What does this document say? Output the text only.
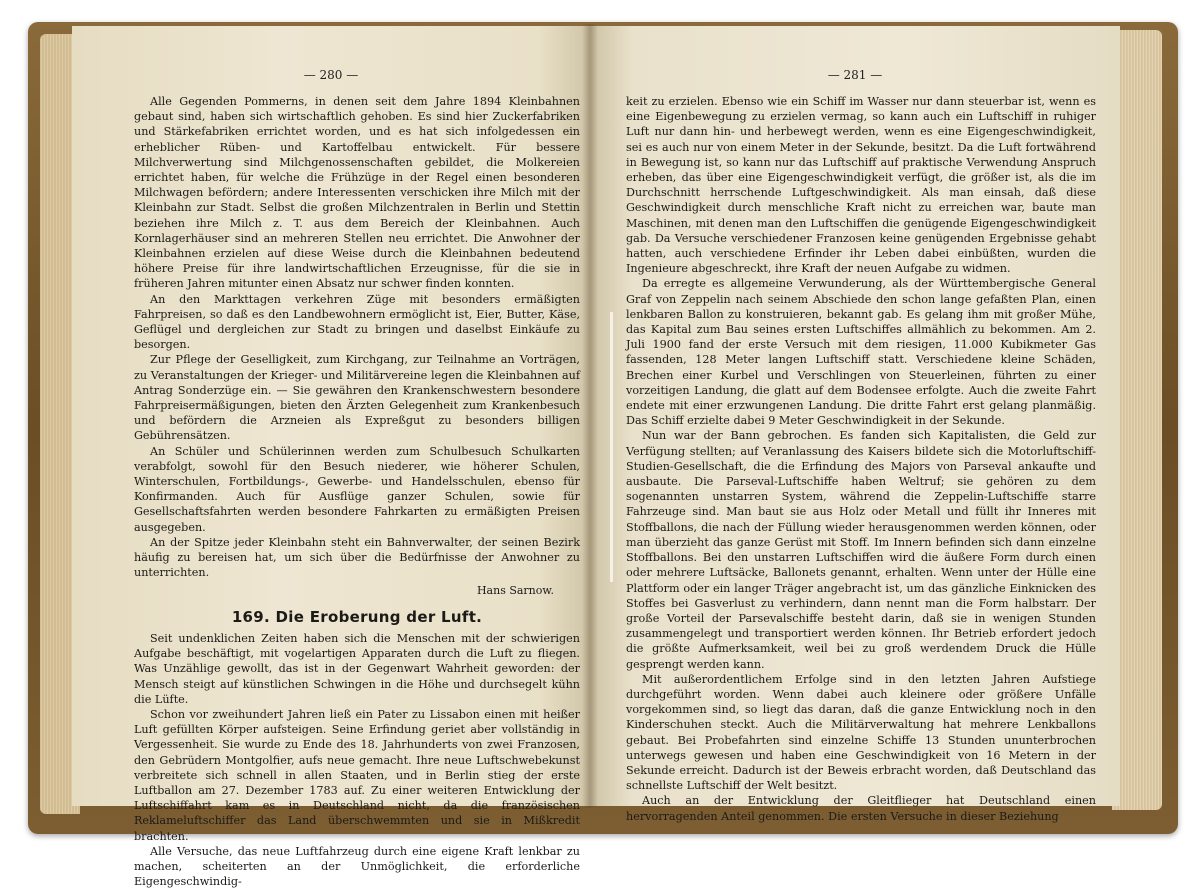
— 280 —

Alle Gegenden Pommerns, in denen seit dem Jahre 1894 Kleinbahnen gebaut sind, haben sich wirtschaftlich gehoben. Es sind hier Zuckerfabriken und Stärkefabriken errichtet worden, und es hat sich infolgedessen ein erheblicher Rüben- und Kartoffelbau entwickelt. Für bessere Milchverwertung sind Milchgenossenschaften gebildet, die Molkereien errichtet haben, für welche die Frühzüge in der Regel einen besonderen Milchwagen befördern; andere Interessenten verschicken ihre Milch mit der Kleinbahn zur Stadt. Selbst die großen Milchzentralen in Berlin und Stettin beziehen ihre Milch z. T. aus dem Bereich der Kleinbahnen. Auch Kornlagerhäuser sind an mehreren Stellen neu errichtet. Die Anwohner der Kleinbahnen erzielen auf diese Weise durch die Kleinbahnen bedeutend höhere Preise für ihre landwirtschaftlichen Erzeugnisse, für die sie in früheren Jahren mitunter einen Absatz nur schwer finden konnten.

An den Markttagen verkehren Züge mit besonders ermäßigten Fahrpreisen, so daß es den Landbewohnern ermöglicht ist, Eier, Butter, Käse, Geflügel und dergleichen zur Stadt zu bringen und daselbst Einkäufe zu besorgen.

Zur Pflege der Geselligkeit, zum Kirchgang, zur Teilnahme an Vorträgen, zu Veranstaltungen der Krieger- und Militärvereine legen die Kleinbahnen auf Antrag Sonderzüge ein. — Sie gewähren den Krankenschwestern besondere Fahrpreisermäßigungen, bieten den Ärzten Gelegenheit zum Krankenbesuch und befördern die Arzneien als Expreßgut zu besonders billigen Gebührensätzen.

An Schüler und Schülerinnen werden zum Schulbesuch Schulkarten verabfolgt, sowohl für den Besuch niederer, wie höherer Schulen, Winterschulen, Fortbildungs-, Gewerbe- und Handelsschulen, ebenso für Konfirmanden. Auch für Ausflüge ganzer Schulen, sowie für Gesellschaftsfahrten werden besondere Fahrkarten zu ermäßigten Preisen ausgegeben.

An der Spitze jeder Kleinbahn steht ein Bahnverwalter, der seinen Bezirk häufig zu bereisen hat, um sich über die Bedürfnisse der Anwohner zu unterrichten.

Hans Sarnow.
169. Die Eroberung der Luft.

Seit undenklichen Zeiten haben sich die Menschen mit der schwierigen Aufgabe beschäftigt, mit vogelartigen Apparaten durch die Luft zu fliegen. Was Unzählige gewollt, das ist in der Gegenwart Wahrheit geworden: der Mensch steigt auf künstlichen Schwingen in die Höhe und durchsegelt kühn die Lüfte.

Schon vor zweihundert Jahren ließ ein Pater zu Lissabon einen mit heißer Luft gefüllten Körper aufsteigen. Seine Erfindung geriet aber vollständig in Vergessenheit. Sie wurde zu Ende des 18. Jahrhunderts von zwei Franzosen, den Gebrüdern Montgolfier, aufs neue gemacht. Ihre neue Luftschwebekunst verbreitete sich schnell in allen Staaten, und in Berlin stieg der erste Luftballon am 27. Dezember 1783 auf. Zu einer weiteren Entwicklung der Luftschiffahrt kam es in Deutschland nicht, da die französischen Reklameluftschiffer das Land überschwemmten und sie in Mißkredit brachten.

Alle Versuche, das neue Luftfahrzeug durch eine eigene Kraft lenkbar zu machen, scheiterten an der Unmöglichkeit, die erforderliche Eigengeschwindig-

— 281 —

keit zu erzielen. Ebenso wie ein Schiff im Wasser nur dann steuerbar ist, wenn es eine Eigenbewegung zu erzielen vermag, so kann auch ein Luftschiff in ruhiger Luft nur dann hin- und herbewegt werden, wenn es eine Eigengeschwindigkeit, sei es auch nur von einem Meter in der Sekunde, besitzt. Da die Luft fortwährend in Bewegung ist, so kann nur das Luftschiff auf praktische Verwendung Anspruch erheben, das über eine Eigengeschwindigkeit verfügt, die größer ist, als die im Durchschnitt herrschende Luftgeschwindigkeit. Als man einsah, daß diese Geschwindigkeit durch menschliche Kraft nicht zu erreichen war, baute man Maschinen, mit denen man den Luftschiffen die genügende Eigengeschwindigkeit gab. Da Versuche verschiedener Franzosen keine genügenden Ergebnisse gehabt hatten, auch verschiedene Erfinder ihr Leben dabei einbüßten, wurden die Ingenieure abgeschreckt, ihre Kraft der neuen Aufgabe zu widmen.

Da erregte es allgemeine Verwunderung, als der Württembergische General Graf von Zeppelin nach seinem Abschiede den schon lange gefaßten Plan, einen lenkbaren Ballon zu konstruieren, bekannt gab. Es gelang ihm mit großer Mühe, das Kapital zum Bau seines ersten Luftschiffes allmählich zu bekommen. Am 2. Juli 1900 fand der erste Versuch mit dem riesigen, 11.000 Kubikmeter Gas fassenden, 128 Meter langen Luftschiff statt. Verschiedene kleine Schäden, Brechen einer Kurbel und Verschlingen von Steuerleinen, führten zu einer vorzeitigen Landung, die glatt auf dem Bodensee erfolgte. Auch die zweite Fahrt endete mit einer erzwungenen Landung. Die dritte Fahrt erst gelang planmäßig. Das Schiff erzielte dabei 9 Meter Geschwindigkeit in der Sekunde.

Nun war der Bann gebrochen. Es fanden sich Kapitalisten, die Geld zur Verfügung stellten; auf Veranlassung des Kaisers bildete sich die Motorluftschiff-Studien-Gesellschaft, die die Erfindung des Majors von Parseval ankaufte und ausbaute. Die Parseval-Luftschiffe haben Weltruf; sie gehören zu dem sogenannten unstarren System, während die Zeppelin-Luftschiffe starre Fahrzeuge sind. Man baut sie aus Holz oder Metall und füllt ihr Inneres mit Stoffballons, die nach der Füllung wieder herausgenommen werden können, oder man überzieht das ganze Gerüst mit Stoff. Im Innern befinden sich dann einzelne Stoffballons. Bei den unstarren Luftschiffen wird die äußere Form durch einen oder mehrere Luftsäcke, Ballonets genannt, erhalten. Wenn unter der Hülle eine Plattform oder ein langer Träger angebracht ist, um das gänzliche Einknicken des Stoffes bei Gasverlust zu verhindern, dann nennt man die Form halbstarr. Der große Vorteil der Parsevalschiffe besteht darin, daß sie in wenigen Stunden zusammengelegt und transportiert werden können. Ihr Betrieb erfordert jedoch die größte Aufmerksamkeit, weil bei zu groß werdendem Druck die Hülle gesprengt werden kann.

Mit außerordentlichem Erfolge sind in den letzten Jahren Aufstiege durchgeführt worden. Wenn dabei auch kleinere oder größere Unfälle vorgekommen sind, so liegt das daran, daß die ganze Entwicklung noch in den Kinderschuhen steckt. Auch die Militärverwaltung hat mehrere Lenkballons gebaut. Bei Probefahrten sind einzelne Schiffe 13 Stunden ununterbrochen unterwegs gewesen und haben eine Geschwindigkeit von 16 Metern in der Sekunde erreicht. Dadurch ist der Beweis erbracht worden, daß Deutschland das schnellste Luftschiff der Welt besitzt.

Auch an der Entwicklung der Gleitflieger hat Deutschland einen hervorragenden Anteil genommen. Die ersten Versuche in dieser Beziehung
